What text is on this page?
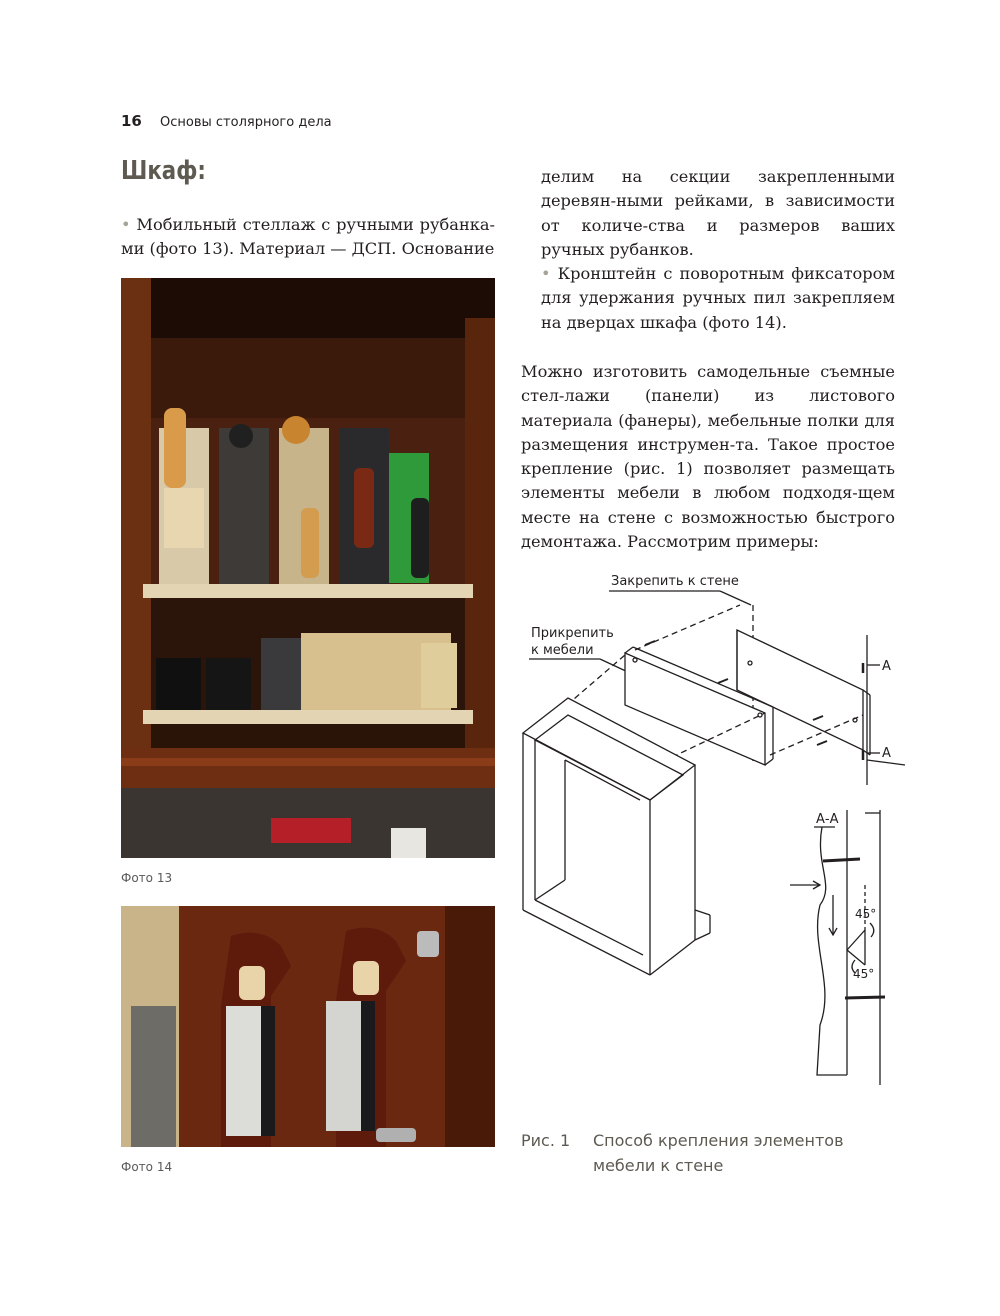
16 Основы столярного дела
Шкаф:
• Мобильный стеллаж с ручными рубанка-ми (фото 13). Материал — ДСП. Основание
делим на секции закрепленными деревян-ными рейками, в зависимости от количе-ства и размеров ваших ручных рубанков.
• Кронштейн с поворотным фиксатором для удержания ручных пил закрепляем на дверцах шкафа (фото 14).
Можно изготовить самодельные съемные стел-лажи (панели) из листового материала (фанеры), мебельные полки для размещения инструмен-та. Такое простое крепление (рис. 1) позволяет размещать элементы мебели в любом подходя-щем месте на стене с возможностью быстрого демонтажа. Рассмотрим примеры:
Фото 13
Фото 14
Закрепить к стене
Прикрепить
к мебели
А
А
А-А
45°
45°
Рис. 1 Способ крепления элементов
мебели к стене
